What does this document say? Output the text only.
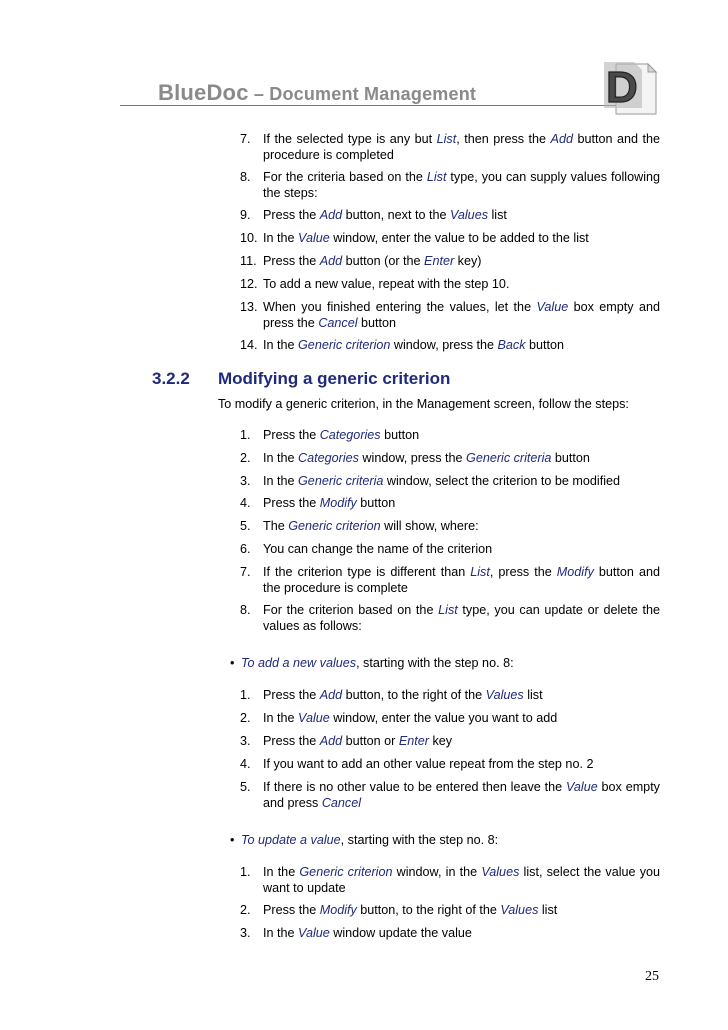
BlueDoc – Document Management	D
7. If the selected type is any but List, then press the Add button and the procedure is completed
8. For the criteria based on the List type, you can supply values following the steps:
9. Press the Add button, next to the Values list
10. In the Value window, enter the value to be added to the list
11. Press the Add button (or the Enter key)
12. To add a new value, repeat with the step 10.
13. When you finished entering the values, let the Value box empty and press the Cancel button
14. In the Generic criterion window, press the Back button
3.2.2 Modifying a generic criterion
To modify a generic criterion, in the Management screen, follow the steps:
1. Press the Categories button
2. In the Categories window, press the Generic criteria button
3. In the Generic criteria window, select the criterion to be modified
4. Press the Modify button
5. The Generic criterion will show, where:
6. You can change the name of the criterion
7. If the criterion type is different than List, press the Modify button and the procedure is complete
8. For the criterion based on the List type, you can update or delete the values as follows:
• To add a new values, starting with the step no. 8:
1. Press the Add button, to the right of the Values list
2. In the Value window, enter the value you want to add
3. Press the Add button or Enter key
4. If you want to add an other value repeat from the step no. 2
5. If there is no other value to be entered then leave the Value box empty and press Cancel
• To update a value, starting with the step no. 8:
1. In the Generic criterion window, in the Values list, select the value you want to update
2. Press the Modify button, to the right of the Values list
3. In the Value window update the value
25
